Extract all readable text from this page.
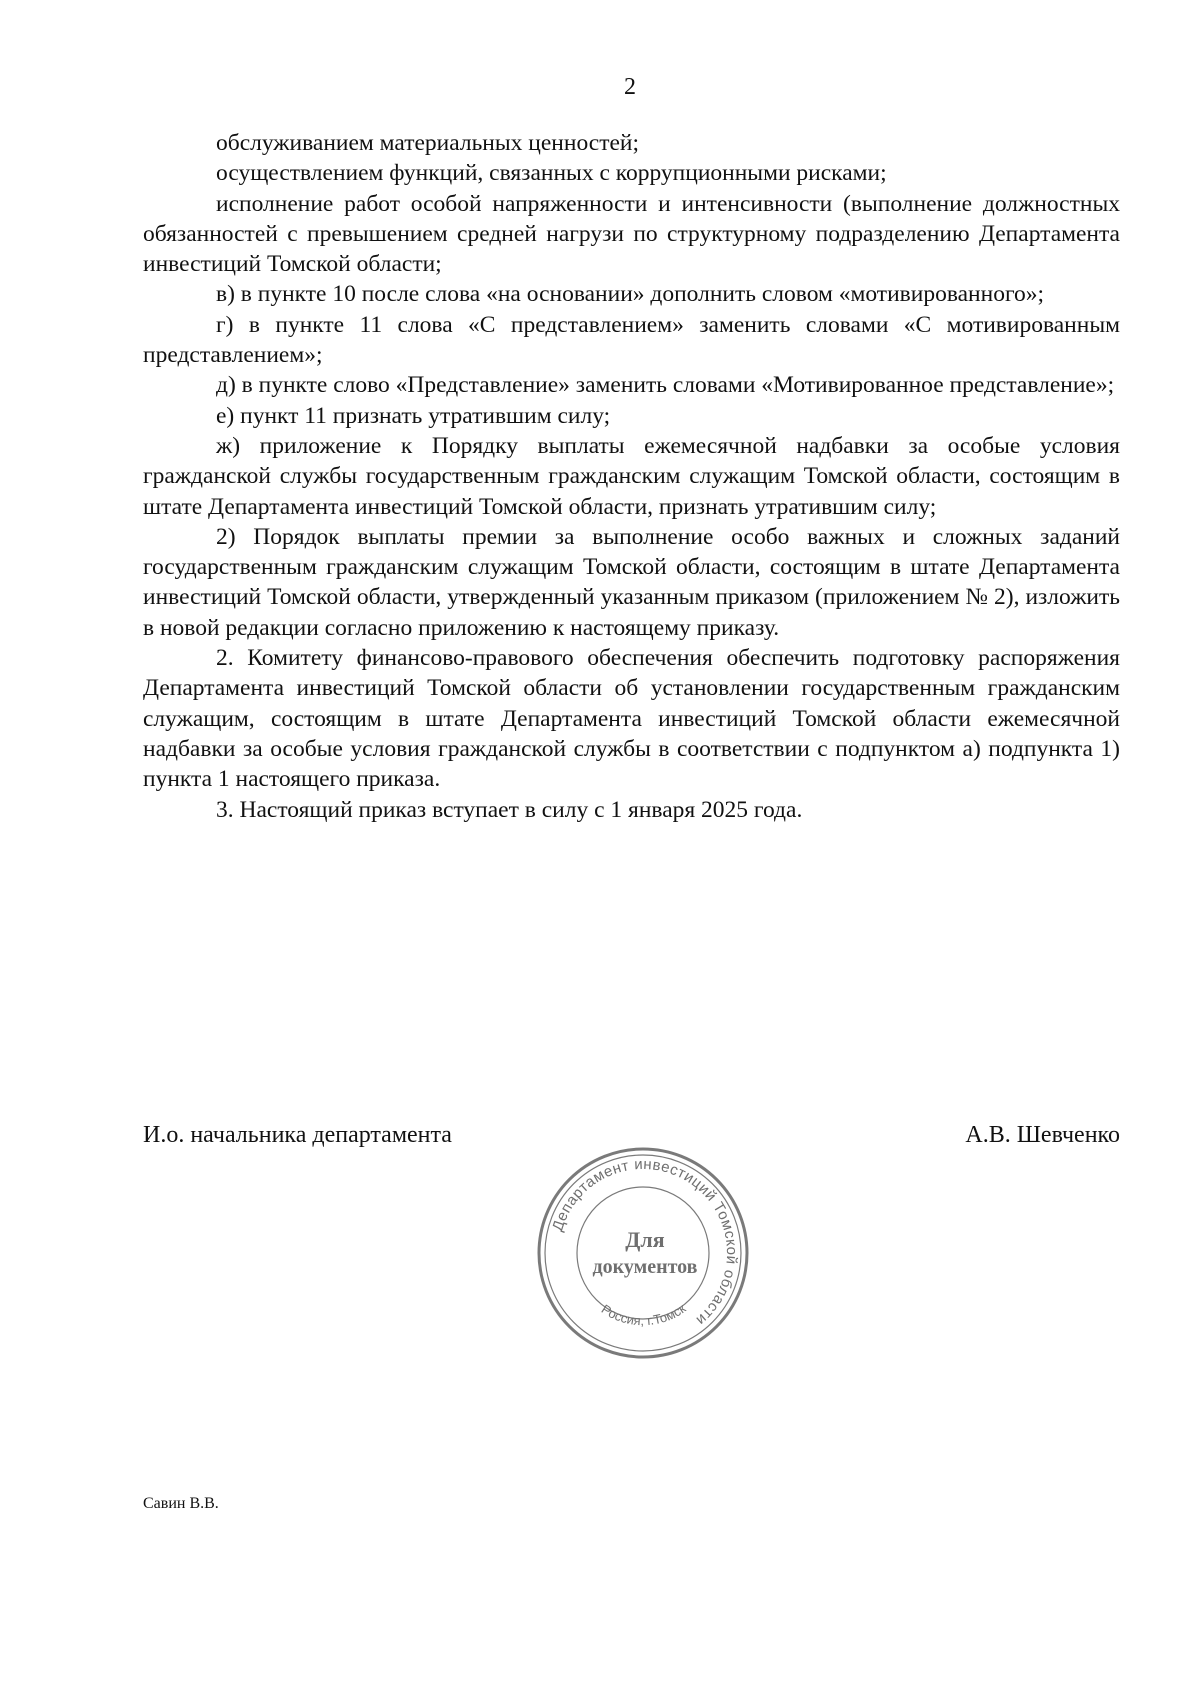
2

обслуживанием материальных ценностей;

осуществлением функций, связанных с коррупционными рисками;

исполнение работ особой напряженности и интенсивности (выполнение должностных обязанностей с превышением средней нагрузи по структурному подразделению Департамента инвестиций Томской области;

в) в пункте 10 после слова «на основании» дополнить словом «мотивированного»;

г) в пункте 11 слова «С представлением» заменить словами «С мотивированным представлением»;

д) в пункте слово «Представление» заменить словами «Мотивированное представление»;

е) пункт 11 признать утратившим силу;

ж) приложение к Порядку выплаты ежемесячной надбавки за особые условия гражданской службы государственным гражданским служащим Томской области, состоящим в штате Департамента инвестиций Томской области, признать утратившим силу;

2) Порядок выплаты премии за выполнение особо важных и сложных заданий государственным гражданским служащим Томской области, состоящим в штате Департамента инвестиций Томской области, утвержденный указанным приказом (приложением № 2), изложить в новой редакции согласно приложению к настоящему приказу.

2. Комитету финансово-правового обеспечения обеспечить подготовку распоряжения Департамента инвестиций Томской области об установлении государственным гражданским служащим, состоящим в штате Департамента инвестиций Томской области ежемесячной надбавки за особые условия гражданской службы в соответствии с подпунктом а) подпункта 1) пункта 1 настоящего приказа.

3. Настоящий приказ вступает в силу с 1 января 2025 года.

И.о. начальника департамента	А.В. Шевченко
Департамент инвестиций Томской области
Россия, г.Томск
Для
документов
Савин В.В.
